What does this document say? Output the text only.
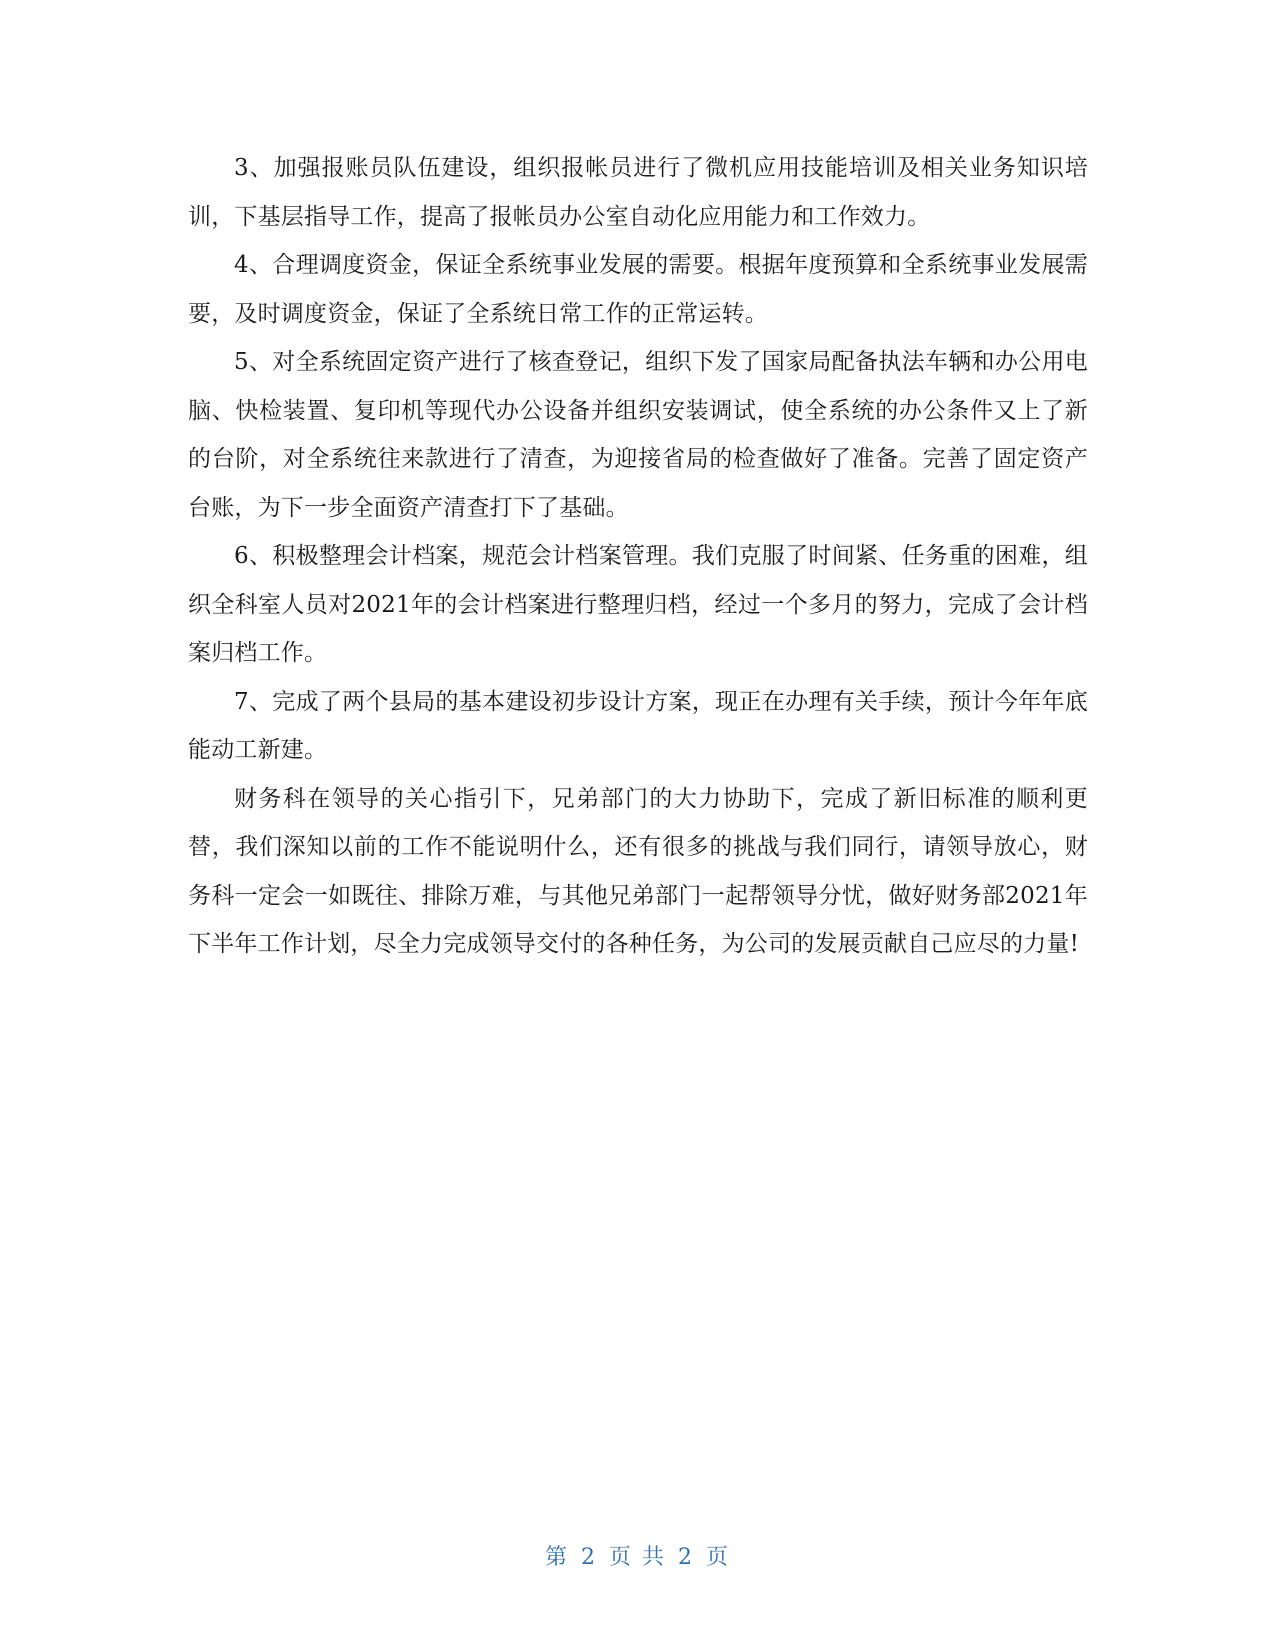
3、加强报账员队伍建设，组织报帐员进行了微机应用技能培训及相关业务知识培训，下基层指导工作，提高了报帐员办公室自动化应用能力和工作效力。

4、合理调度资金，保证全系统事业发展的需要。根据年度预算和全系统事业发展需要，及时调度资金，保证了全系统日常工作的正常运转。

5、对全系统固定资产进行了核查登记，组织下发了国家局配备执法车辆和办公用电脑、快检装置、复印机等现代办公设备并组织安装调试，使全系统的办公条件又上了新的台阶，对全系统往来款进行了清查，为迎接省局的检查做好了准备。完善了固定资产台账，为下一步全面资产清查打下了基础。

6、积极整理会计档案，规范会计档案管理。我们克服了时间紧、任务重的困难，组织全科室人员对2021年的会计档案进行整理归档，经过一个多月的努力，完成了会计档案归档工作。

7、完成了两个县局的基本建设初步设计方案，现正在办理有关手续，预计今年年底能动工新建。

财务科在领导的关心指引下，兄弟部门的大力协助下，完成了新旧标准的顺利更替，我们深知以前的工作不能说明什么，还有很多的挑战与我们同行，请领导放心，财务科一定会一如既往、排除万难，与其他兄弟部门一起帮领导分忧，做好财务部2021年下半年工作计划，尽全力完成领导交付的各种任务，为公司的发展贡献自己应尽的力量!

第 2 页 共 2 页
